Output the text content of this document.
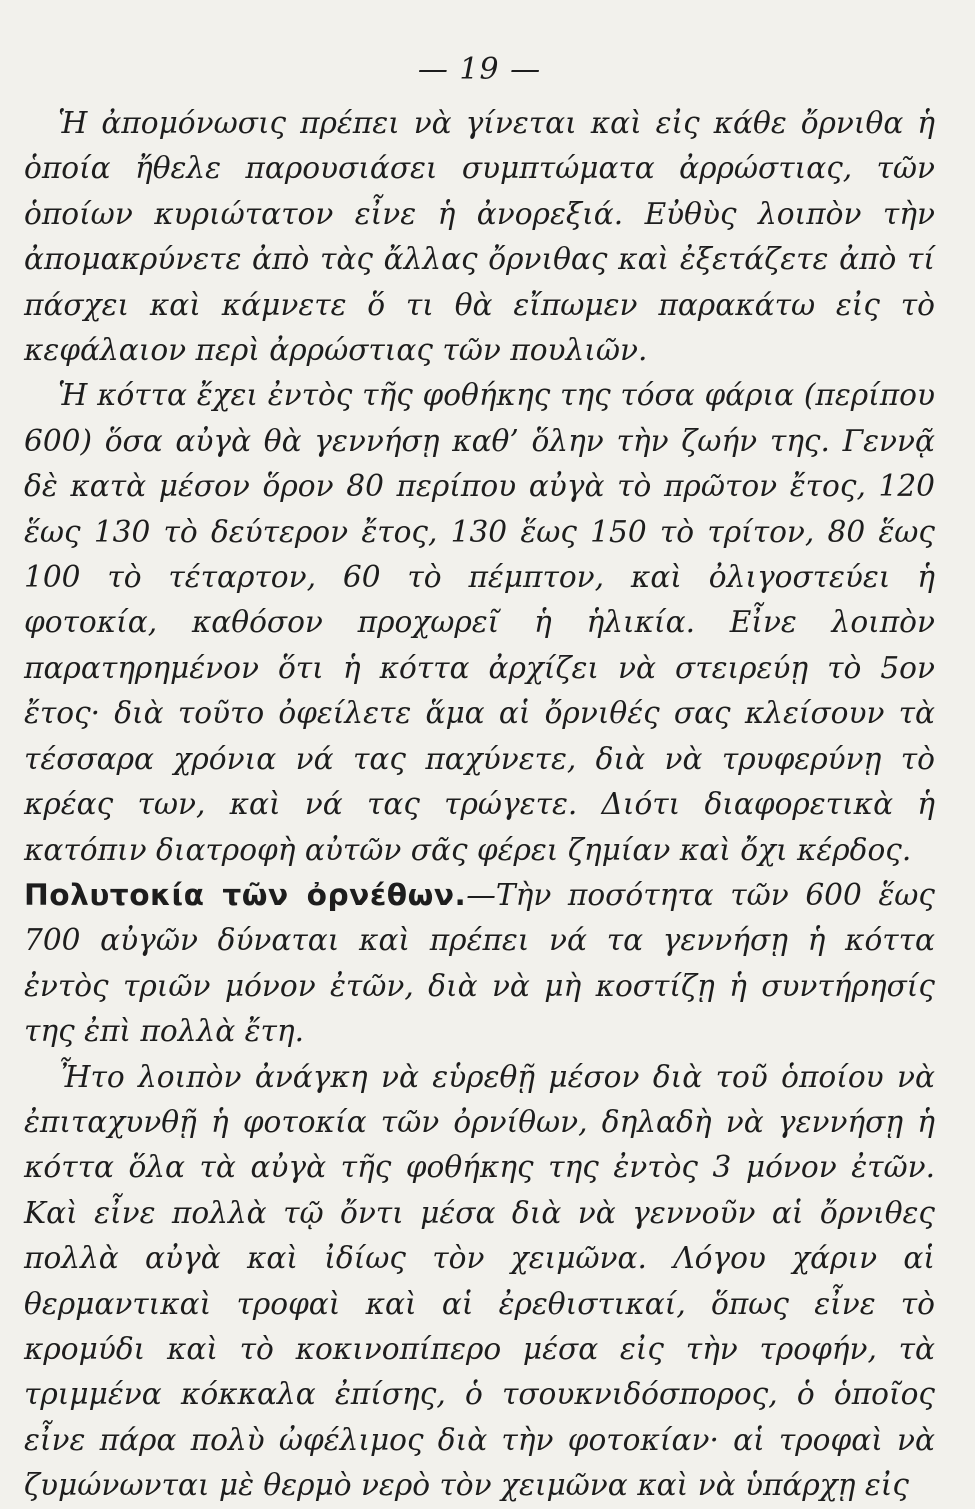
— 19 —

Ἡ ἀπομόνωσις πρέπει νὰ γίνεται καὶ εἰς κάθε ὄρνιθα ἡ ὁποία ἤθελε παρουσιάσει συμπτώματα ἀρρώστιας, τῶν ὁποίων κυριώτατον εἶνε ἡ ἀνορεξιά. Εὐθὺς λοιπὸν τὴν ἀπομακρύνετε ἀπὸ τὰς ἄλλας ὄρνιθας καὶ ἐξετάζετε ἀπὸ τί πάσχει καὶ κάμνετε ὅ τι θὰ εἴπωμεν παρακάτω εἰς τὸ κεφάλαιον περὶ ἀρρώστιας τῶν πουλιῶν.

Ἡ κόττα ἔχει ἐντὸς τῆς φοθήκης της τόσα φάρια (περίπου 600) ὅσα αὐγὰ θὰ γεννήσῃ καθ’ ὅλην τὴν ζωήν της. Γεννᾷ δὲ κατὰ μέσον ὅρον 80 περίπου αὐγὰ τὸ πρῶτον ἔτος, 120 ἕως 130 τὸ δεύτερον ἔτος, 130 ἕως 150 τὸ τρίτον, 80 ἕως 100 τὸ τέταρτον, 60 τὸ πέμπτον, καὶ ὀλιγοστεύει ἡ φοτοκία, καθόσον προχωρεῖ ἡ ἡλικία. Εἶνε λοιπὸν παρατηρημένον ὅτι ἡ κόττα ἀρχίζει νὰ στειρεύῃ τὸ 5ον ἔτος· διὰ τοῦτο ὀφείλετε ἅμα αἱ ὄρνιθές σας κλείσουν τὰ τέσσαρα χρόνια νά τας παχύνετε, διὰ νὰ τρυφερύνῃ τὸ κρέας των, καὶ νά τας τρώγετε. Διότι διαφορετικὰ ἡ κατόπιν διατροφὴ αὐτῶν σᾶς φέρει ζημίαν καὶ ὄχι κέρδος.

Πολυτοκία τῶν ὀρνέθων.—Τὴν ποσότητα τῶν 600 ἕως 700 αὐγῶν δύναται καὶ πρέπει νά τα γεννήσῃ ἡ κόττα ἐντὸς τριῶν μόνον ἐτῶν, διὰ νὰ μὴ κοστίζῃ ἡ συντήρησίς της ἐπὶ πολλὰ ἔτη.

Ἦτο λοιπὸν ἀνάγκη νὰ εὑρεθῇ μέσον διὰ τοῦ ὁποίου νὰ ἐπιταχυνθῇ ἡ φοτοκία τῶν ὀρνίθων, δηλαδὴ νὰ γεννήσῃ ἡ κόττα ὅλα τὰ αὐγὰ τῆς φοθήκης της ἐντὸς 3 μόνον ἐτῶν. Καὶ εἶνε πολλὰ τῷ ὄντι μέσα διὰ νὰ γεννοῦν αἱ ὄρνιθες πολλὰ αὐγὰ καὶ ἰδίως τὸν χειμῶνα. Λόγου χάριν αἱ θερμαντικαὶ τροφαὶ καὶ αἱ ἐρεθιστικαί, ὅπως εἶνε τὸ κρομύδι καὶ τὸ κοκινοπίπερο μέσα εἰς τὴν τροφήν, τὰ τριμμένα κόκκαλα ἐπίσης, ὁ τσουκνιδόσπορος, ὁ ὁποῖος εἶνε πάρα πολὺ ὠφέλιμος διὰ τὴν φοτοκίαν· αἱ τροφαὶ νὰ ζυμώνωνται μὲ θερμὸ νερὸ τὸν χειμῶνα καὶ νὰ ὑπάρχῃ εἰς
